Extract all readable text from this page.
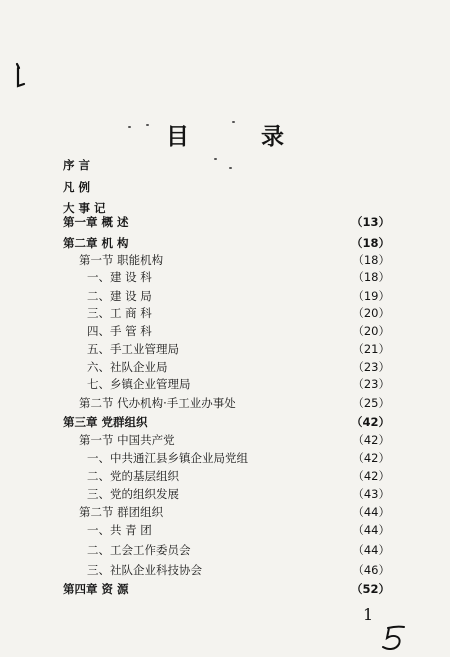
目 录
序 言
凡 例
大 事 记
第一章 概 述	（13）
第二章 机 构	（18）
第一节 职能机构	（18）
一、建 设 科	（18）
二、建 设 局	（19）
三、工 商 科	（20）
四、手 管 科	（20）
五、手工业管理局	（21）
六、社队企业局	（23）
七、乡镇企业管理局	（23）
第二节 代办机构·手工业办事处	（25）
第三章 党群组织	（42）
第一节 中国共产党	（42）
一、中共通江县乡镇企业局党组	（42）
二、党的基层组织	（42）
三、党的组织发展	（43）
第二节 群团组织	（44）
一、共 青 团	（44）
二、工会工作委员会	（44）
三、社队企业科技协会	（46）
第四章 资 源	（52）
1
